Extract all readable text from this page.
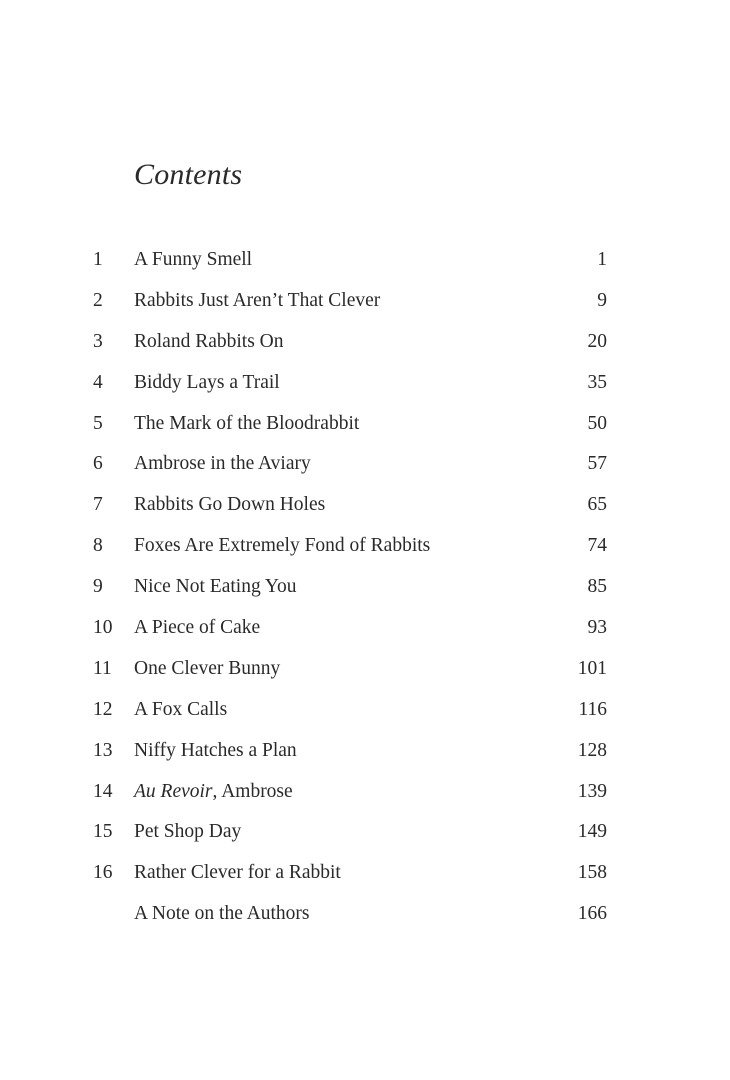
Contents
1 A Funny Smell	1
2 Rabbits Just Aren’t That Clever	9
3 Roland Rabbits On	20
4 Biddy Lays a Trail	35
5 The Mark of the Bloodrabbit	50
6 Ambrose in the Aviary	57
7 Rabbits Go Down Holes	65
8 Foxes Are Extremely Fond of Rabbits	74
9 Nice Not Eating You	85
10 A Piece of Cake	93
11 One Clever Bunny	101
12 A Fox Calls	116
13 Niffy Hatches a Plan	128
14 Au Revoir, Ambrose	139
15 Pet Shop Day	149
16 Rather Clever for a Rabbit	158
A Note on the Authors	166
